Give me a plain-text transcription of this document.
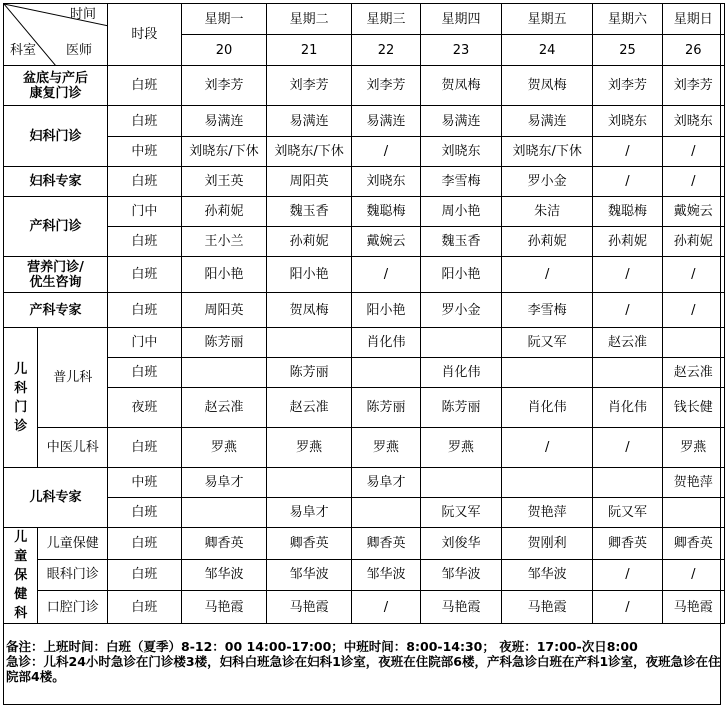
时间
科室 医师		时段	星期一	星期二	星期三	星期四	星期五	星期六	星期日
			20	21	22	23	24	25	26

盆底与产后
康复门诊		白班	刘李芳	刘李芳	刘李芳	贺凤梅	贺凤梅	刘李芳	刘李芳
妇科门诊		白班	易满连	易满连	易满连	易满连	易满连	刘晓东	刘晓东
		中班	刘晓东/下休	刘晓东/下休	/	刘晓东	刘晓东/下休	/	/
妇科专家		白班	刘王英	周阳英	刘晓东	李雪梅	罗小金	/	/
产科门诊		门中	孙莉妮	魏玉香	魏聪梅	周小艳	朱洁	魏聪梅	戴婉云
		白班	王小兰	孙莉妮	戴婉云	魏玉香	孙莉妮	孙莉妮	孙莉妮

营养门诊/
优生咨询		白班	阳小艳	阳小艳	/	阳小艳	/	/	/
产科专家		白班	周阳英	贺凤梅	阳小艳	罗小金	李雪梅	/	/

儿
科
门
诊	普儿科	门中	陈芳丽		肖化伟		阮又军	赵云准	
		白班		陈芳丽		肖化伟			赵云准
		夜班	赵云准	赵云准	陈芳丽	陈芳丽	肖化伟	肖化伟	钱长健
	中医儿科	白班	罗燕	罗燕	罗燕	罗燕	/	/	罗燕
儿科专家		中班	易阜才		易阜才				贺艳萍
		白班		易阜才		阮又军	贺艳萍	阮又军	

儿
童
保
健
科	儿童保健	白班	卿香英	卿香英	卿香英	刘俊华	贺刚利	卿香英	卿香英
	眼科门诊	白班	邹华波	邹华波	邹华波	邹华波	邹华波	/	/
	口腔门诊	白班	马艳霞	马艳霞	/	马艳霞	马艳霞	/	马艳霞
备注：上班时间：白班（夏季）8-12：00 14:00-17:00；中班时间：8:00-14:30； 夜班：17:00-次日8:00
急诊：儿科24小时急诊在门诊楼3楼，妇科白班急诊在妇科1诊室，夜班在住院部6楼，产科急诊白班在产科1诊室，夜班急诊在住院部4楼。
